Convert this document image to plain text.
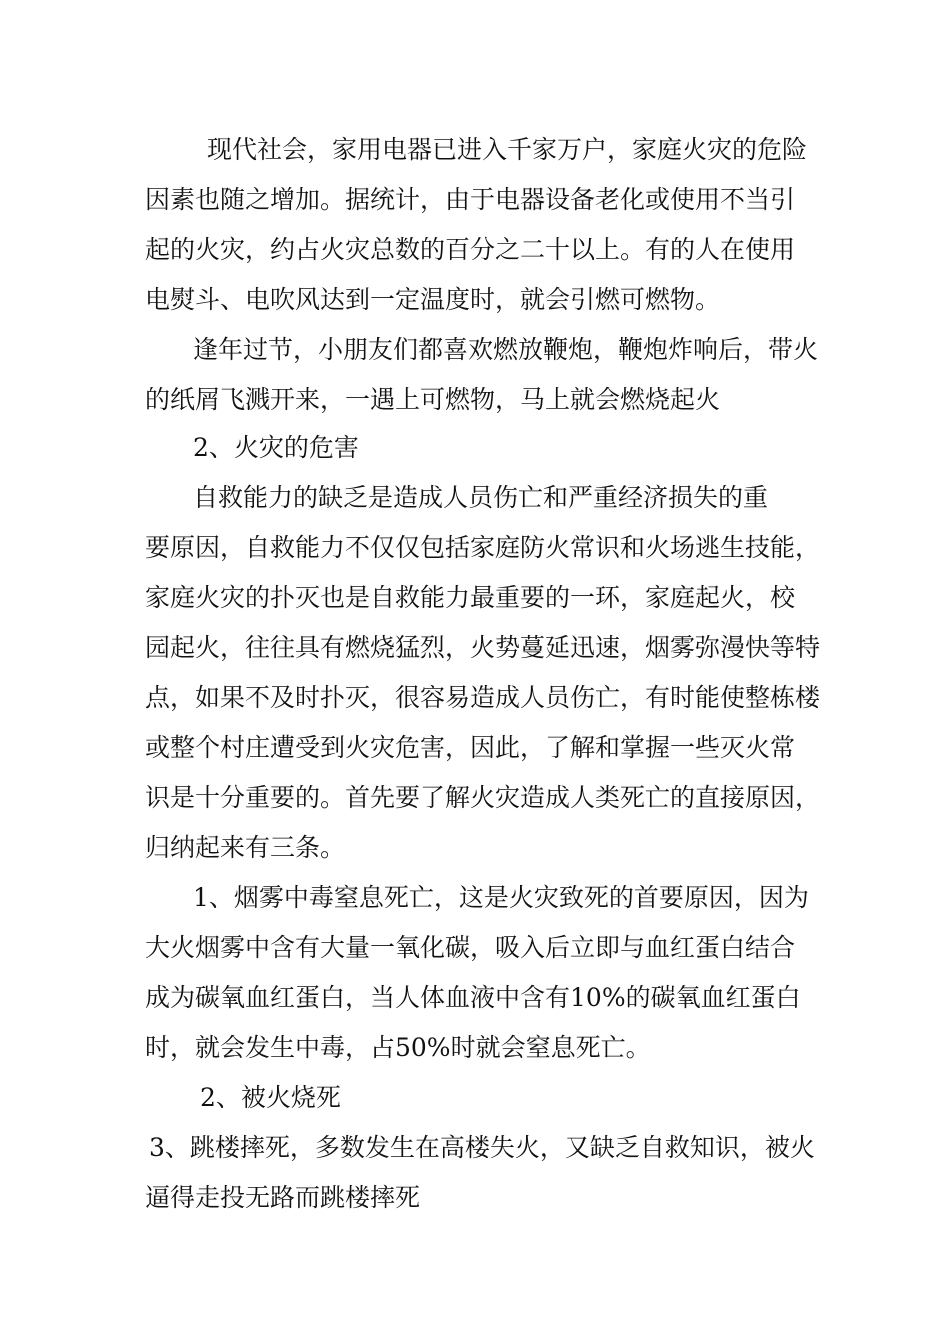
现代社会，家用电器已进入千家万户，家庭火灾的危险
因素也随之增加。据统计，由于电器设备老化或使用不当引
起的火灾，约占火灾总数的百分之二十以上。有的人在使用
电熨斗、电吹风达到一定温度时，就会引燃可燃物。
逢年过节，小朋友们都喜欢燃放鞭炮，鞭炮炸响后，带火
的纸屑飞溅开来，一遇上可燃物，马上就会燃烧起火
2、火灾的危害
自救能力的缺乏是造成人员伤亡和严重经济损失的重
要原因，自救能力不仅仅包括家庭防火常识和火场逃生技能，
家庭火灾的扑灭也是自救能力最重要的一环，家庭起火，校
园起火，往往具有燃烧猛烈，火势蔓延迅速，烟雾弥漫快等特
点，如果不及时扑灭，很容易造成人员伤亡，有时能使整栋楼
或整个村庄遭受到火灾危害，因此，了解和掌握一些灭火常
识是十分重要的。首先要了解火灾造成人类死亡的直接原因，
归纳起来有三条。
1、烟雾中毒窒息死亡，这是火灾致死的首要原因，因为
大火烟雾中含有大量一氧化碳，吸入后立即与血红蛋白结合
成为碳氧血红蛋白，当人体血液中含有10%的碳氧血红蛋白
时，就会发生中毒，占50%时就会窒息死亡。
2、被火烧死
3、跳楼摔死，多数发生在高楼失火，又缺乏自救知识，被火
逼得走投无路而跳楼摔死
